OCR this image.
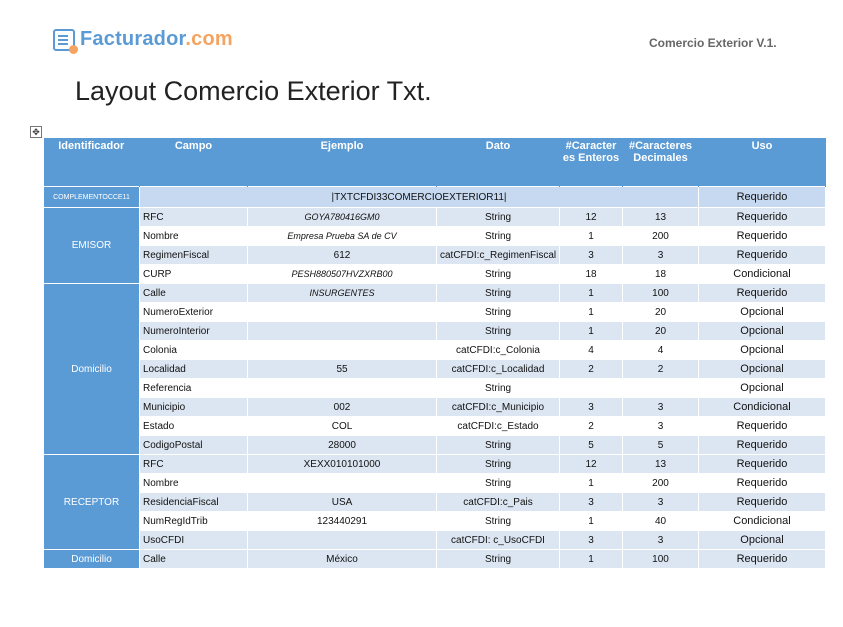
Facturador.com	Comercio Exterior V.1.
Layout Comercio Exterior Txt.
✥
Identificador	Campo	Ejemplo	Dato	#Caracter es Enteros	#Caracteres Decimales	Uso
COMPLEMENTOCCE11	|TXTCFDI33COMERCIOEXTERIOR11|					Requerido
EMISOR	RFC	GOYA780416GM0	String	12	13	Requerido
	Nombre	Empresa Prueba SA de CV	String	1	200	Requerido
	RegimenFiscal	612	catCFDI:c_RegimenFiscal	3	3	Requerido
	CURP	PESH880507HVZXRB00	String	18	18	Condicional
Domicilio	Calle	INSURGENTES	String	1	100	Requerido
	NumeroExterior		String	1	20	Opcional
	NumeroInterior		String	1	20	Opcional
	Colonia		catCFDI:c_Colonia	4	4	Opcional
	Localidad	55	catCFDI:c_Localidad	2	2	Opcional
	Referencia		String			Opcional
	Municipio	002	catCFDI:c_Municipio	3	3	Condicional
	Estado	COL	catCFDI:c_Estado	2	3	Requerido
	CodigoPostal	28000	String	5	5	Requerido
RECEPTOR	RFC	XEXX010101000	String	12	13	Requerido
	Nombre		String	1	200	Requerido
	ResidenciaFiscal	USA	catCFDI:c_Pais	3	3	Requerido
	NumRegIdTrib	123440291	String	1	40	Condicional
	UsoCFDI		catCFDI: c_UsoCFDI	3	3	Opcional
Domicilio	Calle	México	String	1	100	Requerido
